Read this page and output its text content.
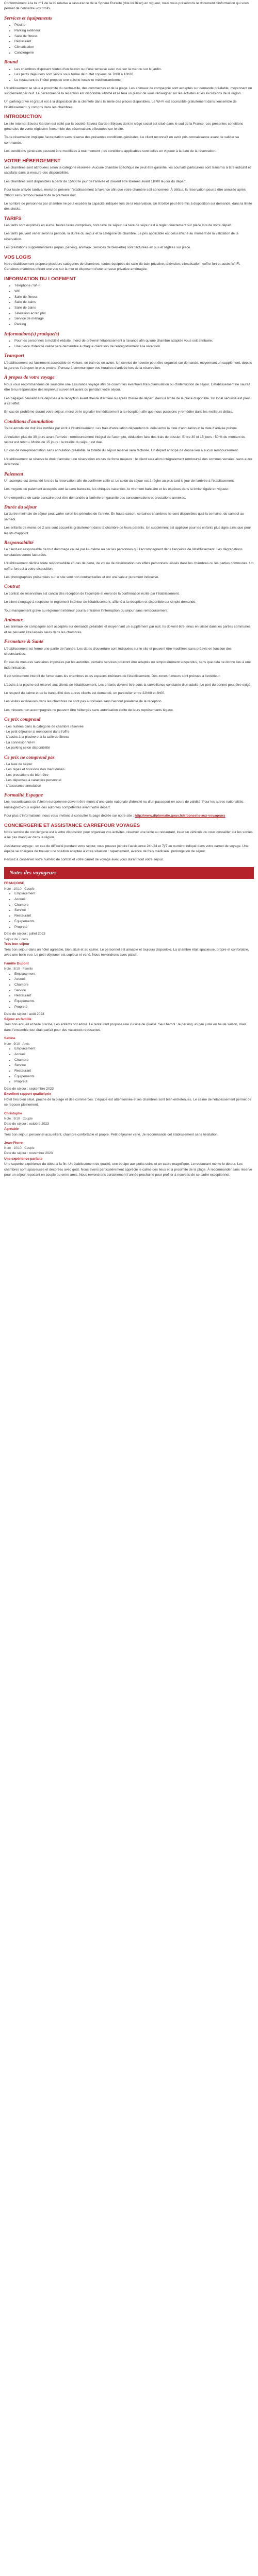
Conformément à la loi n°1 de la loi relative à l'assurance de la Sphère Ruralité (dite loi Bilan) en vigueur, nous vous présentons le document d'information qui vous permet de connaître vos droits.

Services et équipements
• Piscine
• Parking extérieur
• Salle de fitness
• Restaurant
• Climatisation
• Conciergerie
Round
• Les chambres disposent toutes d'un balcon ou d'une terrasse avec vue sur la mer ou sur le jardin.
• Les petits déjeuners sont servis sous forme de buffet copieux de 7h00 à 10h30.
• Le restaurant de l'hôtel propose une cuisine locale et méditerranéenne.

L'établissement se situe à proximité du centre-ville, des commerces et de la plage. Les animaux de compagnie sont acceptés sur demande préalable, moyennant un supplément par nuit. Le personnel de la réception est disponible 24h/24 et se fera un plaisir de vous renseigner sur les activités et les excursions de la région.

Un parking privé et gratuit est à la disposition de la clientèle dans la limite des places disponibles. Le Wi-Fi est accessible gratuitement dans l'ensemble de l'établissement, y compris dans les chambres.

INTRODUCTION

Le site internet Savora Garden est édité par la société Savora Garden Séjours dont le siège social est situé dans le sud de la France. Les présentes conditions générales de vente régissent l'ensemble des réservations effectuées sur le site.

Toute réservation implique l'acceptation sans réserve des présentes conditions générales. Le client reconnaît en avoir pris connaissance avant de valider sa commande.

Les conditions générales peuvent être modifiées à tout moment ; les conditions applicables sont celles en vigueur à la date de la réservation.

VOTRE HÉBERGEMENT

Les chambres sont attribuées selon la catégorie réservée. Aucune chambre spécifique ne peut être garantie, les souhaits particuliers sont transmis à titre indicatif et satisfaits dans la mesure des disponibilités.

Les chambres sont disponibles à partir de 15h00 le jour de l'arrivée et doivent être libérées avant 11h00 le jour du départ.

Pour toute arrivée tardive, merci de prévenir l'établissement à l'avance afin que votre chambre soit conservée. À défaut, la réservation pourra être annulée après 20h00 sans remboursement de la première nuit.

Le nombre de personnes par chambre ne peut excéder la capacité indiquée lors de la réservation. Un lit bébé peut être mis à disposition sur demande, dans la limite des stocks.

TARIFS

Les tarifs sont exprimés en euros, toutes taxes comprises, hors taxe de séjour. La taxe de séjour est à régler directement sur place lors de votre départ.

Les tarifs peuvent varier selon la période, la durée du séjour et la catégorie de chambre. Le prix applicable est celui affiché au moment de la validation de la réservation.

Les prestations supplémentaires (repas, parking, animaux, services de bien-être) sont facturées en sus et réglées sur place.

VOS LOGIS

Notre établissement propose plusieurs catégories de chambres, toutes équipées de salle de bain privative, télévision, climatisation, coffre-fort et accès Wi-Fi. Certaines chambres offrent une vue sur la mer et disposent d'une terrasse privative aménagée.

INFORMATION DU LOGEMENT
• Téléphone / Wi-Fi
• Wifi
• Salle de fitness
• Salle de bains
• Salle de bains
• Télévision écran plat
• Service de ménage
• Parking
Informations(s) pratique(s)
• Pour les personnes à mobilité réduite, merci de prévenir l'établissement à l'avance afin qu'une chambre adaptée vous soit attribuée.
• Une pièce d'identité valide sera demandée à chaque client lors de l'enregistrement à la réception.
Transport

L'établissement est facilement accessible en voiture, en train ou en avion. Un service de navette peut être organisé sur demande, moyennant un supplément, depuis la gare ou l'aéroport le plus proche. Pensez à communiquer vos horaires d'arrivée lors de la réservation.

À propos de votre voyage

Nous vous recommandons de souscrire une assurance voyage afin de couvrir les éventuels frais d'annulation ou d'interruption de séjour. L'établissement ne saurait être tenu responsable des imprévus survenant avant ou pendant votre séjour.

Les bagages peuvent être déposés à la réception avant l'heure d'arrivée ou après l'heure de départ, dans la limite de la place disponible. Un local sécurisé est prévu à cet effet.

En cas de problème durant votre séjour, merci de le signaler immédiatement à la réception afin que nous puissions y remédier dans les meilleurs délais.

Conditions d'annulation

Toute annulation doit être notifiée par écrit à l'établissement. Les frais d'annulation dépendent du délai entre la date d'annulation et la date d'arrivée prévue.

Annulation plus de 30 jours avant l'arrivée : remboursement intégral de l'acompte, déduction faite des frais de dossier. Entre 30 et 15 jours : 50 % du montant du séjour est retenu. Moins de 15 jours : la totalité du séjour est due.

En cas de non-présentation sans annulation préalable, la totalité du séjour réservé sera facturée. Un départ anticipé ne donne lieu à aucun remboursement.

L'établissement se réserve le droit d'annuler une réservation en cas de force majeure ; le client sera alors intégralement remboursé des sommes versées, sans autre indemnité.

Paiement

Un acompte est demandé lors de la réservation afin de confirmer celle-ci. Le solde du séjour est à régler au plus tard le jour de l'arrivée à l'établissement.

Les moyens de paiement acceptés sont la carte bancaire, les chèques vacances, le virement bancaire et les espèces dans la limite légale en vigueur.

Une empreinte de carte bancaire peut être demandée à l'arrivée en garantie des consommations et prestations annexes.

Durée du séjour

La durée minimale de séjour peut varier selon les périodes de l'année. En haute saison, certaines chambres ne sont disponibles qu'à la semaine, du samedi au samedi.

Les enfants de moins de 2 ans sont accueillis gratuitement dans la chambre de leurs parents. Un supplément est appliqué pour les enfants plus âgés ainsi que pour les lits d'appoint.

Responsabilité

Le client est responsable de tout dommage causé par lui-même ou par les personnes qui l'accompagnent dans l'enceinte de l'établissement. Les dégradations constatées seront facturées.

L'établissement décline toute responsabilité en cas de perte, de vol ou de détérioration des effets personnels laissés dans les chambres ou les parties communes. Un coffre-fort est à votre disposition.

Les photographies présentées sur le site sont non contractuelles et ont une valeur purement indicative.

Contrat

Le contrat de réservation est conclu dès réception de l'acompte et envoi de la confirmation écrite par l'établissement.

Le client s'engage à respecter le règlement intérieur de l'établissement, affiché à la réception et disponible sur simple demande.

Tout manquement grave au règlement intérieur pourra entraîner l'interruption du séjour sans remboursement.

Animaux

Les animaux de compagnie sont acceptés sur demande préalable et moyennant un supplément par nuit. Ils doivent être tenus en laisse dans les parties communes et ne peuvent être laissés seuls dans les chambres.

Fermeture & Santé

L'établissement est fermé une partie de l'année. Les dates d'ouverture sont indiquées sur le site et peuvent être modifiées sans préavis en fonction des circonstances.

En cas de mesures sanitaires imposées par les autorités, certains services pourront être adaptés ou temporairement suspendus, sans que cela ne donne lieu à une indemnisation.

Il est strictement interdit de fumer dans les chambres et les espaces intérieurs de l'établissement. Des zones fumeurs sont prévues à l'extérieur.

L'accès à la piscine est réservé aux clients de l'établissement. Les enfants doivent être sous la surveillance constante d'un adulte. Le port du bonnet peut être exigé.

Le respect du calme et de la tranquillité des autres clients est demandé, en particulier entre 22h00 et 8h00.

Les visites extérieures dans les chambres ne sont pas autorisées sans l'accord préalable de la réception.

Les mineurs non accompagnés ne peuvent être hébergés sans autorisation écrite de leurs représentants légaux.

Ce prix comprend

- Les nuitées dans la catégorie de chambre réservée
- Le petit-déjeuner si mentionné dans l'offre
- L'accès à la piscine et à la salle de fitness
- La connexion Wi-Fi
- Le parking selon disponibilité

Ce prix ne comprend pas

- La taxe de séjour
- Les repas et boissons non mentionnés
- Les prestations de bien-être
- Les dépenses à caractère personnel
- L'assurance annulation

Formalité Espagne

Les ressortissants de l'Union européenne doivent être munis d'une carte nationale d'identité ou d'un passeport en cours de validité. Pour les autres nationalités, renseignez-vous auprès des autorités compétentes avant votre départ.

Pour plus d'informations, nous vous invitons à consulter la page dédiée sur notre site : http://www.diplomatie.gouv.fr/fr/conseils-aux-voyageurs

CONCIERGERIE ET ASSISTANCE CARREFOUR VOYAGES

Notre service de conciergerie est à votre disposition pour organiser vos activités, réserver une table au restaurant, louer un véhicule ou vous conseiller sur les sorties à ne pas manquer dans la région.

Assistance voyage : en cas de difficulté pendant votre séjour, vous pouvez joindre l'assistance 24h/24 et 7j/7 au numéro indiqué dans votre carnet de voyage. Une équipe se chargera de trouver une solution adaptée à votre situation : rapatriement, avance de frais médicaux, prolongation de séjour.

Pensez à conserver votre numéro de contrat et votre carnet de voyage avec vous durant tout votre séjour.

Notes des voyageurs
FRANÇOISE
Note : 10/10 · Couple
• Emplacement
• Accueil
• Chambre
• Service
• Restaurant
• Équipements
• Propreté
Date de séjour : juillet 2023
Séjour de 7 nuits
Très bon séjour
Très bon séjour dans un hôtel agréable, bien situé et au calme. Le personnel est aimable et toujours disponible. La chambre était spacieuse, propre et confortable, avec une belle vue. Le petit-déjeuner est copieux et varié. Nous reviendrons avec plaisir.
Famille Dupont
Note : 8/10 · Famille
• Emplacement
• Accueil
• Chambre
• Service
• Restaurant
• Équipements
• Propreté
Date de séjour : août 2023
Séjour en famille
Très bon accueil et belle piscine. Les enfants ont adoré. Le restaurant propose une cuisine de qualité. Seul bémol : le parking un peu juste en haute saison, mais dans l'ensemble tout était parfait pour des vacances reposantes.
Sabine
Note : 9/10 · Amis
• Emplacement
• Accueil
• Chambre
• Service
• Restaurant
• Équipements
• Propreté
Date de séjour : septembre 2023
Excellent rapport qualité/prix
Hôtel très bien situé, proche de la plage et des commerces. L'équipe est attentionnée et les chambres sont bien entretenues. Le calme de l'établissement permet de se reposer pleinement.
Christophe
Note : 9/10 · Couple
Date de séjour : octobre 2023
Agréable
Très bon séjour, personnel accueillant, chambre confortable et propre. Petit-déjeuner varié. Je recommande cet établissement sans hésitation.
Jean-Pierre
Note : 10/10 · Couple
Date de séjour : novembre 2023
Une expérience parfaite
Une superbe expérience du début à la fin. Un établissement de qualité, une équipe aux petits soins et un cadre magnifique. Le restaurant mérite le détour. Les chambres sont spacieuses et décorées avec goût. Nous avons particulièrement apprécié le calme des lieux et la proximité de la plage. À recommander sans réserve pour un séjour reposant en couple ou entre amis. Nous reviendrons certainement l'année prochaine pour profiter à nouveau de ce cadre exceptionnel.
